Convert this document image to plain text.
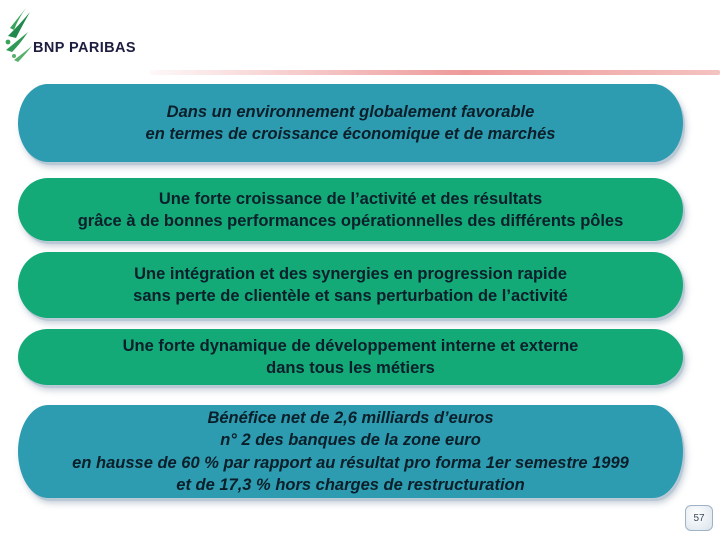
BNP PARIBAS
Dans un environnement globalement favorable
en termes de croissance économique et de marchés
Une forte croissance de l’activité et des résultats
grâce à de bonnes performances opérationnelles des différents pôles
Une intégration et des synergies en progression rapide
sans perte de clientèle et sans perturbation de l’activité
Une forte dynamique de développement interne et externe
dans tous les métiers
Bénéfice net de 2,6 milliards d’euros
n° 2 des banques de la zone euro
en hausse de 60 % par rapport au résultat pro forma 1er semestre 1999
et de 17,3 % hors charges de restructuration
57
